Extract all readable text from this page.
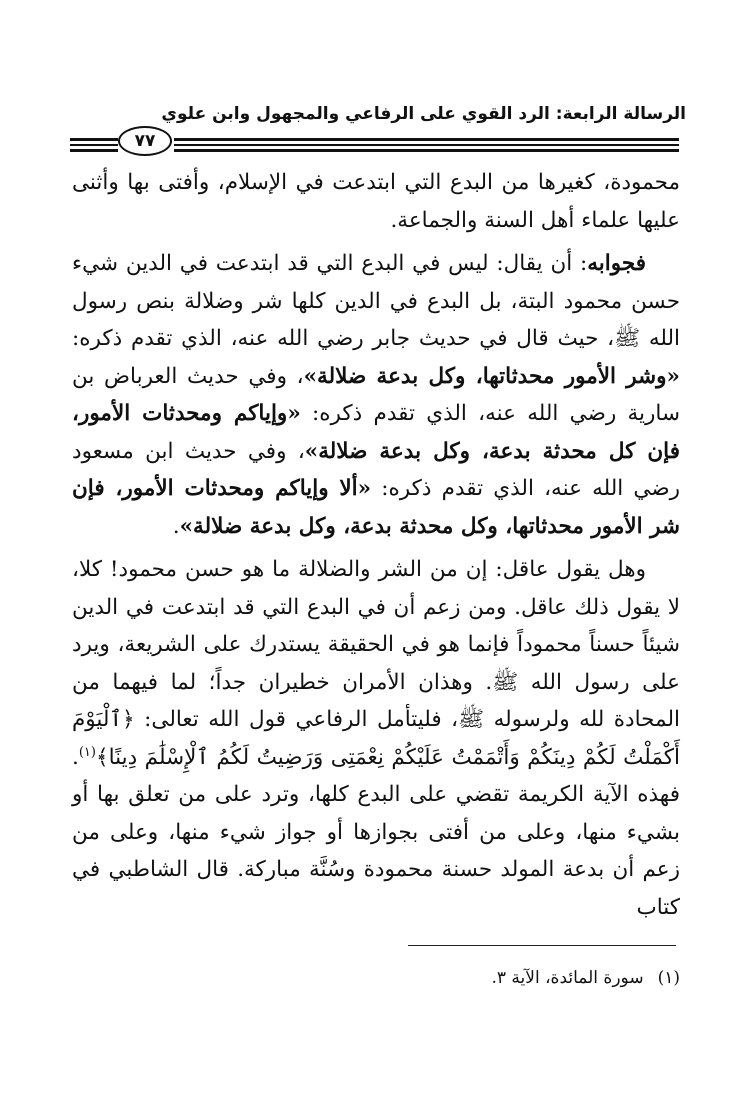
الرسالة الرابعة: الرد القوي على الرفاعي والمجهول وابن علوي
٧٧

محمودة، كغيرها من البدع التي ابتدعت في الإسلام، وأفتى بها وأثنى عليها علماء أهل السنة والجماعة.

فجوابه: أن يقال: ليس في البدع التي قد ابتدعت في الدين شيء حسن محمود البتة، بل البدع في الدين كلها شر وضلالة بنص رسول الله ﷺ، حيث قال في حديث جابر رضي الله عنه، الذي تقدم ذكره: «وشر الأمور محدثاتها، وكل بدعة ضلالة»، وفي حديث العرباض بن سارية رضي الله عنه، الذي تقدم ذكره: «وإياكم ومحدثات الأمور، فإن كل محدثة بدعة، وكل بدعة ضلالة»، وفي حديث ابن مسعود رضي الله عنه، الذي تقدم ذكره: «ألا وإياكم ومحدثات الأمور، فإن شر الأمور محدثاتها، وكل محدثة بدعة، وكل بدعة ضلالة».

وهل يقول عاقل: إن من الشر والضلالة ما هو حسن محمود! كلا، لا يقول ذلك عاقل. ومن زعم أن في البدع التي قد ابتدعت في الدين شيئاً حسناً محموداً فإنما هو في الحقيقة يستدرك على الشريعة، ويرد على رسول الله ﷺ. وهذان الأمران خطيران جداً؛ لما فيهما من المحادة لله ولرسوله ﷺ، فليتأمل الرفاعي قول الله تعالى: ﴿ٱلْيَوْمَ أَكْمَلْتُ لَكُمْ دِينَكُمْ وَأَتْمَمْتُ عَلَيْكُمْ نِعْمَتِى وَرَضِيتُ لَكُمُ ٱلْإِسْلَٰمَ دِينًا﴾$^{(١)}$. فهذه الآية الكريمة تقضي على البدع كلها، وترد على من تعلق بها أو بشيء منها، وعلى من أفتى بجوازها أو جواز شيء منها، وعلى من زعم أن بدعة المولد حسنة محمودة وسُنَّة مباركة. قال الشاطبي في كتاب

(١)سورة المائدة، الآية ٣.
